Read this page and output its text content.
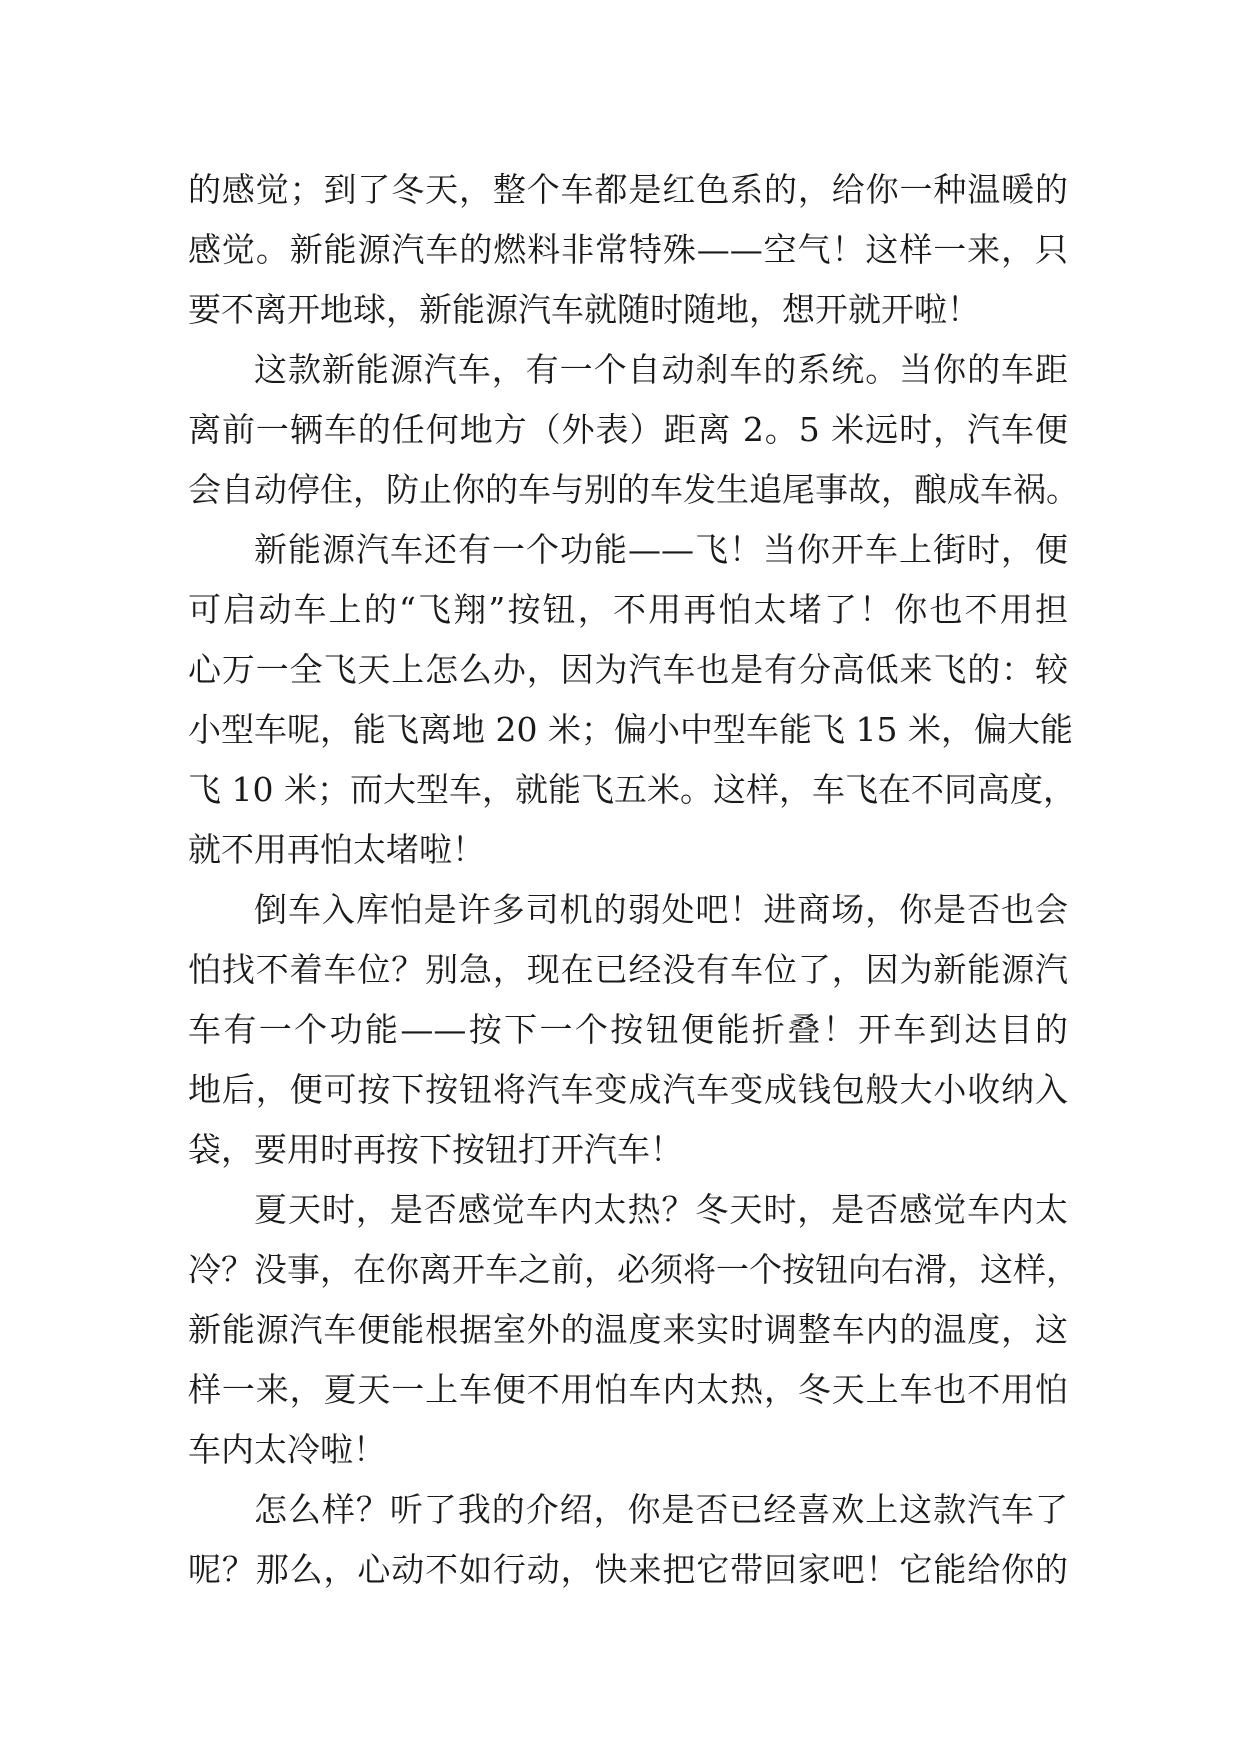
的感觉；到了冬天，整个车都是红色系的，给你一种温暖的
感觉。新能源汽车的燃料非常特殊——空气！这样一来，只
要不离开地球，新能源汽车就随时随地，想开就开啦！
这款新能源汽车，有一个自动刹车的系统。当你的车距
离前一辆车的任何地方（外表）距离 2。5 米远时，汽车便
会自动停住，防止你的车与别的车发生追尾事故，酿成车祸。
新能源汽车还有一个功能——飞！当你开车上街时，便
可启动车上的“飞翔”按钮，不用再怕太堵了！你也不用担
心万一全飞天上怎么办，因为汽车也是有分高低来飞的：较
小型车呢，能飞离地 20 米；偏小中型车能飞 15 米，偏大能
飞 10 米；而大型车，就能飞五米。这样，车飞在不同高度，
就不用再怕太堵啦！
倒车入库怕是许多司机的弱处吧！进商场，你是否也会
怕找不着车位？别急，现在已经没有车位了，因为新能源汽
车有一个功能——按下一个按钮便能折叠！开车到达目的
地后，便可按下按钮将汽车变成汽车变成钱包般大小收纳入
袋，要用时再按下按钮打开汽车！
夏天时，是否感觉车内太热？冬天时，是否感觉车内太
冷？没事，在你离开车之前，必须将一个按钮向右滑，这样，
新能源汽车便能根据室外的温度来实时调整车内的温度，这
样一来，夏天一上车便不用怕车内太热，冬天上车也不用怕
车内太冷啦！
怎么样？听了我的介绍，你是否已经喜欢上这款汽车了
呢？那么，心动不如行动，快来把它带回家吧！它能给你的
